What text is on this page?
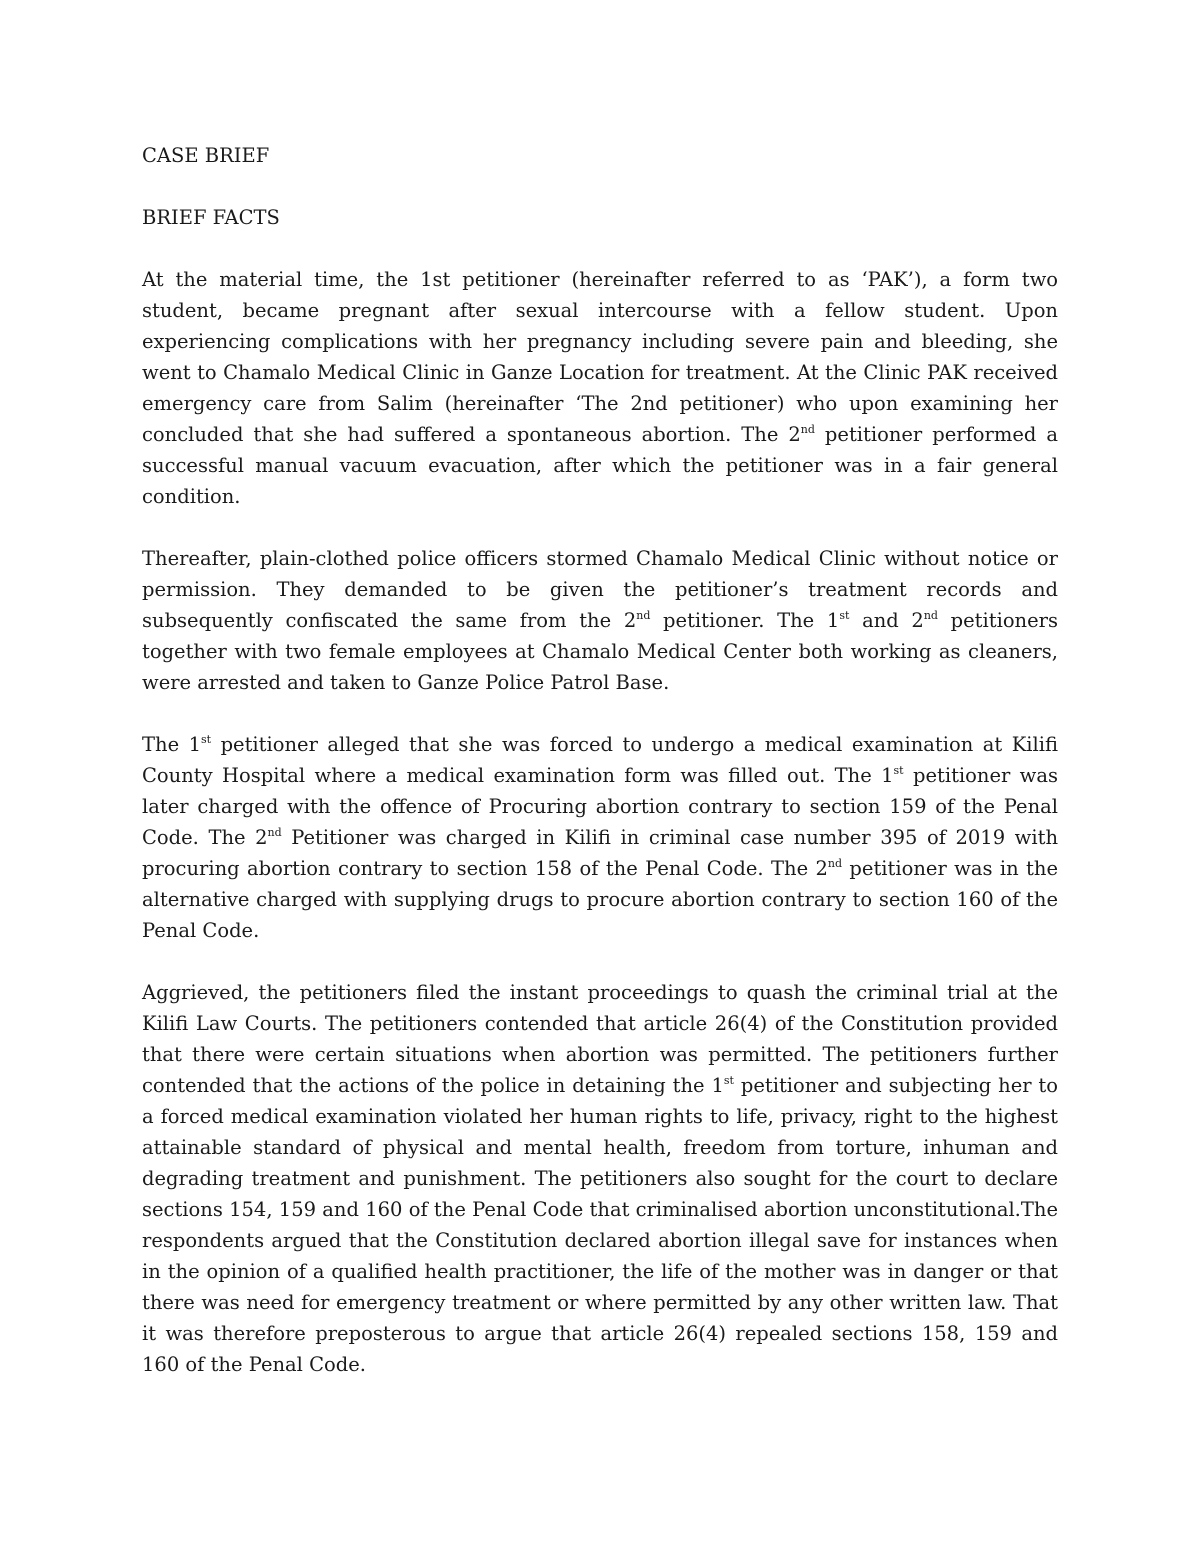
CASE BRIEF

BRIEF FACTS

At the material time, the 1st petitioner (hereinafter referred to as ‘PAK’), a form two student, became pregnant after sexual intercourse with a fellow student. Upon experiencing complications with her pregnancy including severe pain and bleeding, she went to Chamalo Medical Clinic in Ganze Location for treatment. At the Clinic PAK received emergency care from Salim (hereinafter ‘The 2nd petitioner) who upon examining her concluded that she had suffered a spontaneous abortion. The 2nd petitioner performed a successful manual vacuum evacuation, after which the petitioner was in a fair general condition.

Thereafter, plain-clothed police officers stormed Chamalo Medical Clinic without notice or permission. They demanded to be given the petitioner’s treatment records and subsequently confiscated the same from the 2nd petitioner. The 1st and 2nd petitioners together with two female employees at Chamalo Medical Center both working as cleaners, were arrested and taken to Ganze Police Patrol Base.

The 1st petitioner alleged that she was forced to undergo a medical examination at Kilifi County Hospital where a medical examination form was filled out. The 1st petitioner was later charged with the offence of Procuring abortion contrary to section 159 of the Penal Code. The 2nd Petitioner was charged in Kilifi in criminal case number 395 of 2019 with procuring abortion contrary to section 158 of the Penal Code. The 2nd petitioner was in the alternative charged with supplying drugs to procure abortion contrary to section 160 of the Penal Code.

Aggrieved, the petitioners filed the instant proceedings to quash the criminal trial at the Kilifi Law Courts. The petitioners contended that article 26(4) of the Constitution provided that there were certain situations when abortion was permitted. The petitioners further contended that the actions of the police in detaining the 1st petitioner and subjecting her to a forced medical examination violated her human rights to life, privacy, right to the highest attainable standard of physical and mental health, freedom from torture, inhuman and degrading treatment and punishment. The petitioners also sought for the court to declare sections 154, 159 and 160 of the Penal Code that criminalised abortion unconstitutional.The respondents argued that the Constitution declared abortion illegal save for instances when in the opinion of a qualified health practitioner, the life of the mother was in danger or that there was need for emergency treatment or where permitted by any other written law. That it was therefore preposterous to argue that article 26(4) repealed sections 158, 159 and 160 of the Penal Code.
